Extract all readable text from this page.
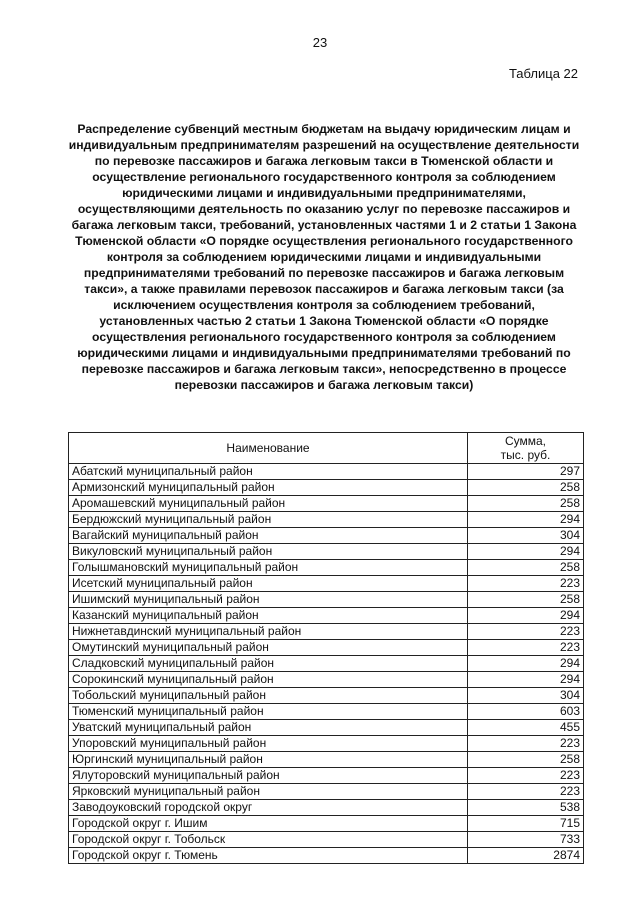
23
Таблица 22
Распределение субвенций местным бюджетам на выдачу юридическим лицам и индивидуальным предпринимателям разрешений на осуществление деятельности по перевозке пассажиров и багажа легковым такси в Тюменской области и осуществление регионального государственного контроля за соблюдением юридическими лицами и индивидуальными предпринимателями, осуществляющими деятельность по оказанию услуг по перевозке пассажиров и багажа легковым такси, требований, установленных частями 1 и 2 статьи 1 Закона Тюменской области «О порядке осуществления регионального государственного контроля за соблюдением юридическими лицами и индивидуальными предпринимателями требований по перевозке пассажиров и багажа легковым такси», а также правилами перевозок пассажиров и багажа легковым такси (за исключением осуществления контроля за соблюдением требований, установленных частью 2 статьи 1 Закона Тюменской области «О порядке осуществления регионального государственного контроля за соблюдением юридическими лицами и индивидуальными предпринимателями требований по перевозке пассажиров и багажа легковым такси», непосредственно в процессе перевозки пассажиров и багажа легковым такси)
Наименование	Сумма,
тыс. руб.

Абатский муниципальный район	297
Армизонский муниципальный район	258
Аромашевский муниципальный район	258
Бердюжский муниципальный район	294
Вагайский муниципальный район	304
Викуловский муниципальный район	294
Голышмановский муниципальный район	258
Исетский муниципальный район	223
Ишимский муниципальный район	258
Казанский муниципальный район	294
Нижнетавдинский муниципальный район	223
Омутинский муниципальный район	223
Сладковский муниципальный район	294
Сорокинский муниципальный район	294
Тобольский муниципальный район	304
Тюменский муниципальный район	603
Уватский муниципальный район	455
Упоровский муниципальный район	223
Юргинский муниципальный район	258
Ялуторовский муниципальный район	223
Ярковский муниципальный район	223
Заводоуковский городской округ	538
Городской округ г. Ишим	715
Городской округ г. Тобольск	733
Городской округ г. Тюмень	2874
